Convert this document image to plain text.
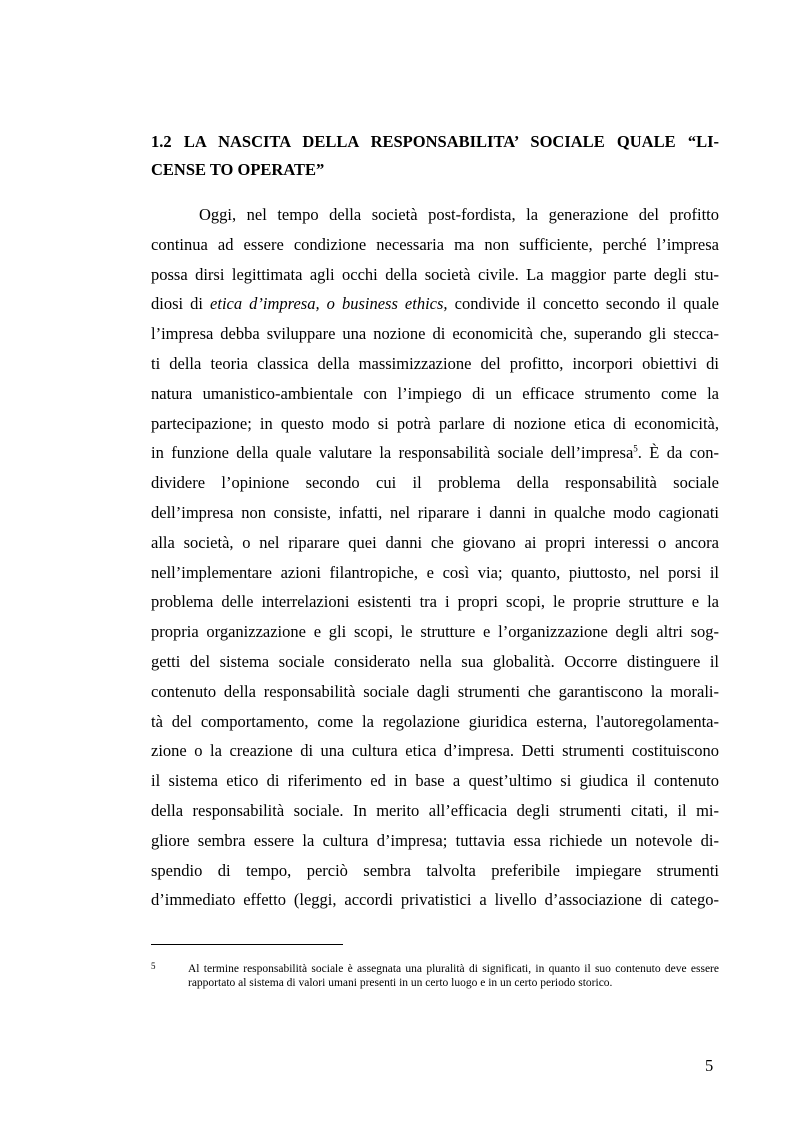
1.2 LA NASCITA DELLA RESPONSABILITA’ SOCIALE QUALE “LI-
CENSE TO OPERATE”
Oggi, nel tempo della società post-fordista, la generazione del profitto
continua ad essere condizione necessaria ma non sufficiente, perché l’impresa
possa dirsi legittimata agli occhi della società civile. La maggior parte degli stu-
diosi di etica d’impresa, o business ethics, condivide il concetto secondo il quale
l’impresa debba sviluppare una nozione di economicità che, superando gli stecca-
ti della teoria classica della massimizzazione del profitto, incorpori obiettivi di
natura umanistico-ambientale con l’impiego di un efficace strumento come la
partecipazione; in questo modo si potrà parlare di nozione etica di economicità,
in funzione della quale valutare la responsabilità sociale dell’impresa$^5$. È da con-
dividere l’opinione secondo cui il problema della responsabilità sociale
dell’impresa non consiste, infatti, nel riparare i danni in qualche modo cagionati
alla società, o nel riparare quei danni che giovano ai propri interessi o ancora
nell’implementare azioni filantropiche, e così via; quanto, piuttosto, nel porsi il
problema delle interrelazioni esistenti tra i propri scopi, le proprie strutture e la
propria organizzazione e gli scopi, le strutture e l’organizzazione degli altri sog-
getti del sistema sociale considerato nella sua globalità. Occorre distinguere il
contenuto della responsabilità sociale dagli strumenti che garantiscono la morali-
tà del comportamento, come la regolazione giuridica esterna, l'autoregolamenta-
zione o la creazione di una cultura etica d’impresa. Detti strumenti costituiscono
il sistema etico di riferimento ed in base a quest’ultimo si giudica il contenuto
della responsabilità sociale. In merito all’efficacia degli strumenti citati, il mi-
gliore sembra essere la cultura d’impresa; tuttavia essa richiede un notevole di-
spendio di tempo, perciò sembra talvolta preferibile impiegare strumenti
d’immediato effetto (leggi, accordi privatistici a livello d’associazione di catego-
5	Al termine responsabilità sociale è assegnata una pluralità di significati, in quanto il suo contenuto deve essere rapportato al sistema di valori umani presenti in un certo luogo e in un certo periodo storico.

5
